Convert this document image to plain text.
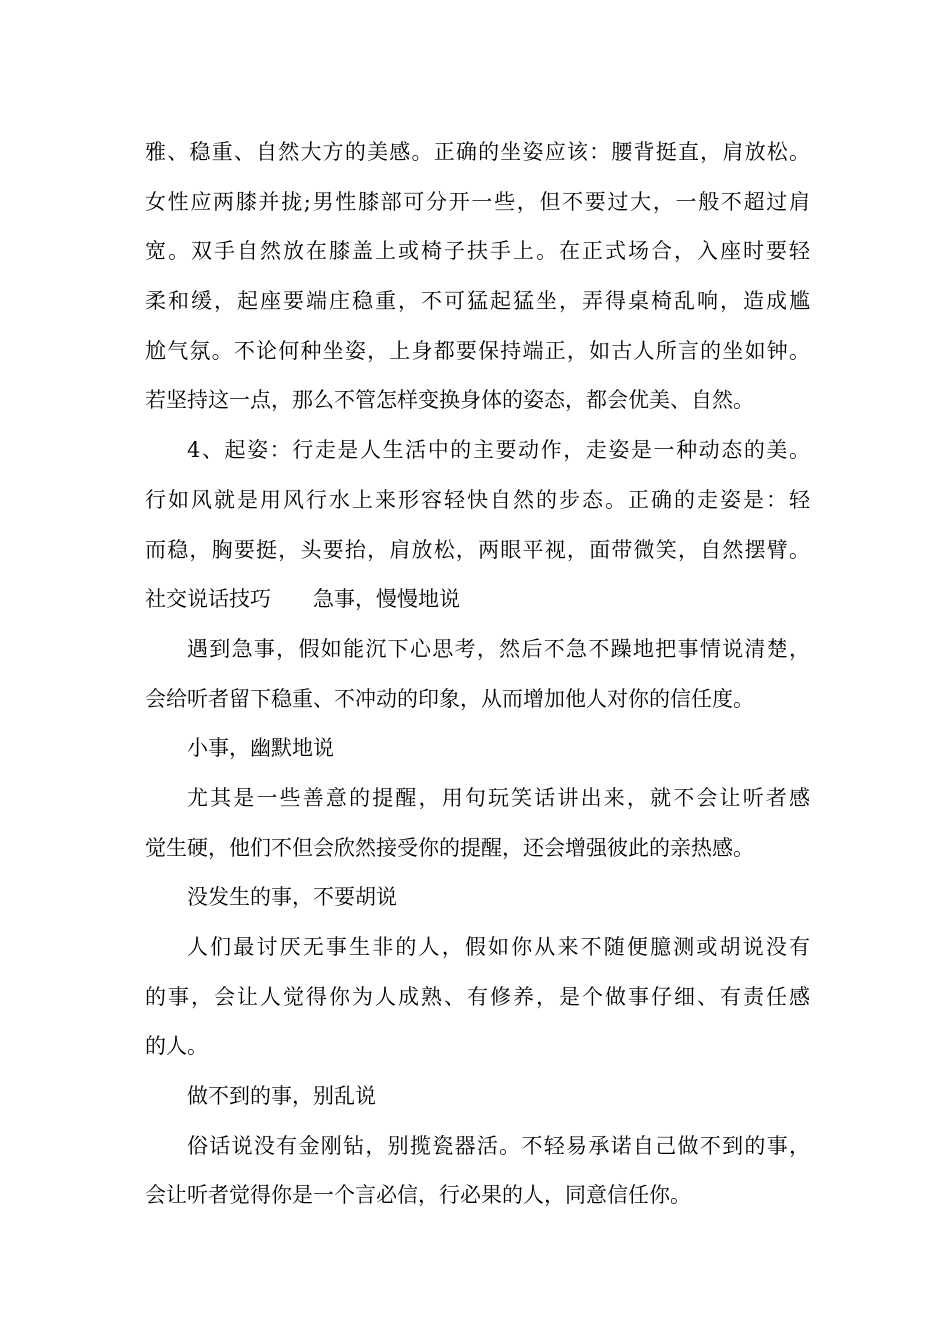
雅、稳重、自然大方的美感。正确的坐姿应该：腰背挺直，肩放松。
女性应两膝并拢;男性膝部可分开一些，但不要过大，一般不超过肩
宽。双手自然放在膝盖上或椅子扶手上。在正式场合，入座时要轻
柔和缓，起座要端庄稳重，不可猛起猛坐，弄得桌椅乱响，造成尴
尬气氛。不论何种坐姿，上身都要保持端正，如古人所言的坐如钟。
若坚持这一点，那么不管怎样变换身体的姿态，都会优美、自然。
4、起姿：行走是人生活中的主要动作，走姿是一种动态的美。
行如风就是用风行水上来形容轻快自然的步态。正确的走姿是：轻
而稳，胸要挺，头要抬，肩放松，两眼平视，面带微笑，自然摆臂。
社交说话技巧 急事，慢慢地说
遇到急事，假如能沉下心思考，然后不急不躁地把事情说清楚，
会给听者留下稳重、不冲动的印象，从而增加他人对你的信任度。
小事，幽默地说
尤其是一些善意的提醒，用句玩笑话讲出来，就不会让听者感
觉生硬，他们不但会欣然接受你的提醒，还会增强彼此的亲热感。
没发生的事，不要胡说
人们最讨厌无事生非的人，假如你从来不随便臆测或胡说没有
的事，会让人觉得你为人成熟、有修养，是个做事仔细、有责任感
的人。
做不到的事，别乱说
俗话说没有金刚钻，别揽瓷器活。不轻易承诺自己做不到的事，
会让听者觉得你是一个言必信，行必果的人，同意信任你。
